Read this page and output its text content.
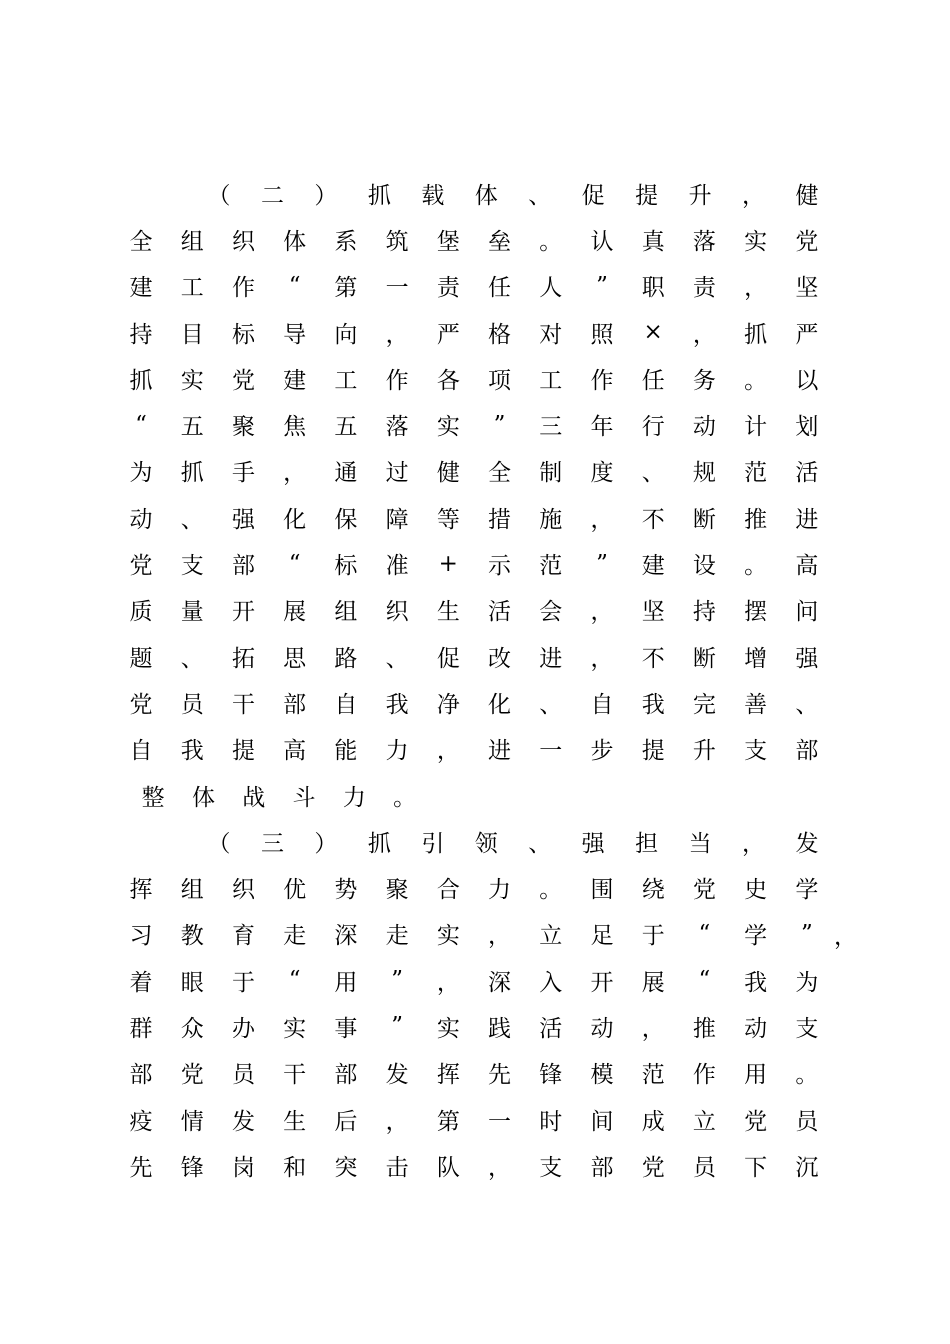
（ 二 ） 抓 载 体 、 促 提 升 ， 健
全 组 织 体 系 筑 堡 垒 。 认 真 落 实 党
建 工 作	“	第 一 责 任 人	”	职 责 ， 坚
持 目 标 导 向 ， 严 格 对 照 × ， 抓 严
抓 实 党 建 工 作 各 项 工 作 任 务 。 以
“	五 聚 焦 五 落 实	”	三 年 行 动 计 划
为 抓 手 ， 通 过 健 全 制 度 、 规 范 活
动 、 强 化 保 障 等 措 施 ， 不 断 推 进
党 支 部	“	标 准 + 示 范	”	建 设 。 高
质 量 开 展 组 织 生 活 会 ， 坚 持 摆 问
题 、 拓 思 路 、 促 改 进 ， 不 断 增 强
党 员 干 部 自 我 净 化 、 自 我 完 善 、
自 我 提 高 能 力 ， 进 一 步 提 升 支 部
整	体	战	斗	力	。
（ 三 ） 抓 引 领 、 强 担 当 ， 发
挥 组 织 优 势 聚 合 力 。 围 绕 党 史 学
习 教 育 走 深 走 实 ， 立 足 于	“	学	”
着 眼 于	“	用	”	， 深 入 开 展	“	我 为
群 众 办 实 事	”	实 践 活 动 ， 推 动 支
部 党 员 干 部 发 挥 先 锋 模 范 作 用 。
疫 情 发 生 后 ， 第 一 时 间 成 立 党 员
先 锋 岗 和 突 击 队 ， 支 部 党 员 下 沉
，
